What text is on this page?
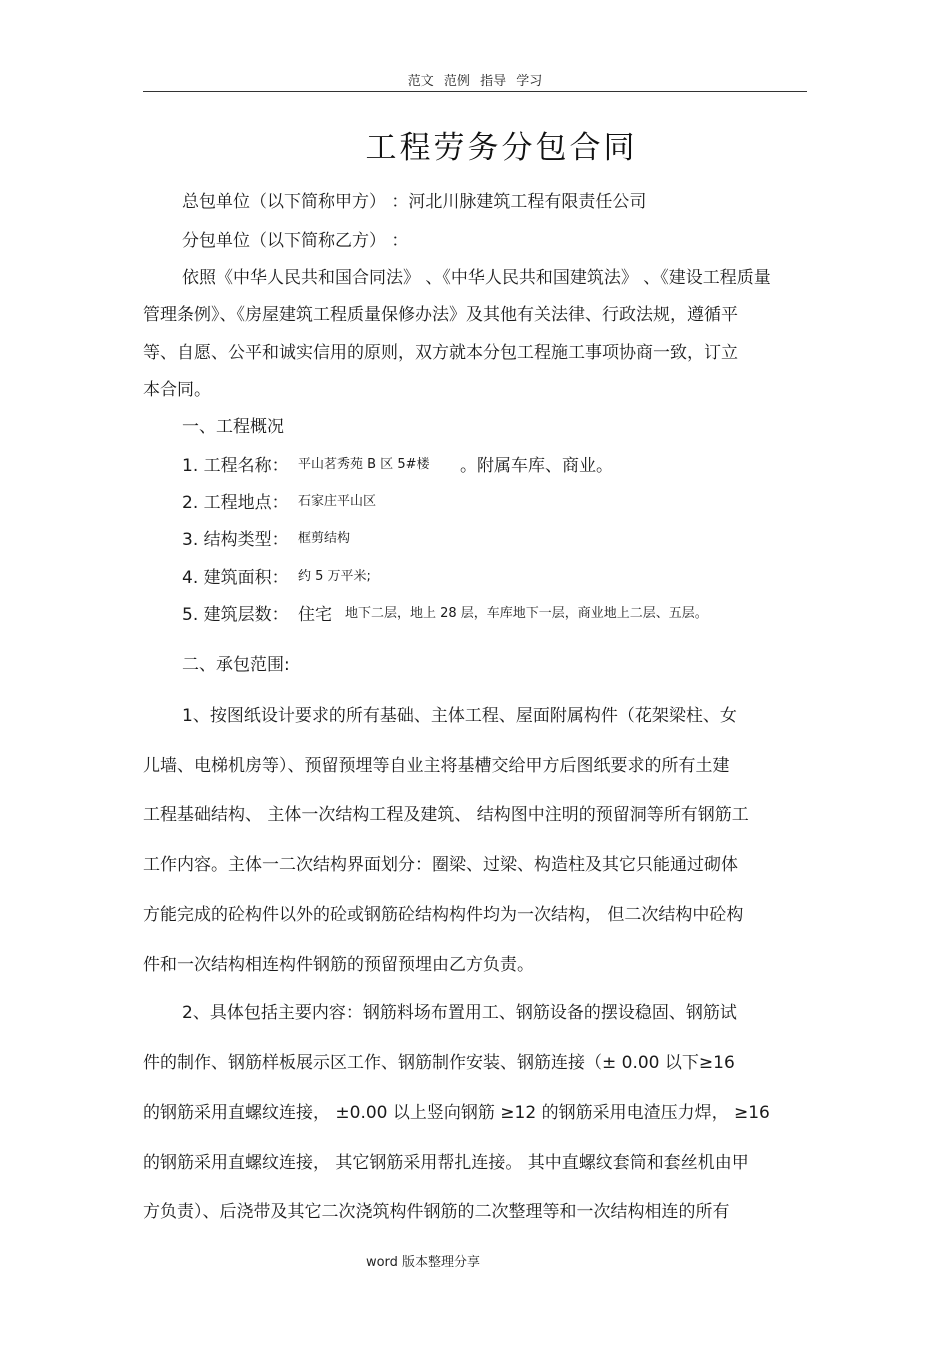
范文 范例 指导 学习
工程劳务分包合同
总包单位（以下简称甲方） ：河北川脉建筑工程有限责任公司
分包单位（以下简称乙方） ：
依照《中华人民共和国合同法》 、《中华人民共和国建筑法》 、《建设工程质量
管理条例》、《房屋建筑工程质量保修办法》及其他有关法律、行政法规，遵循平
等、自愿、公平和诚实信用的原则，双方就本分包工程施工事项协商一致，订立
本合同。
一、工程概况
1. 工程名称： 平山茗秀苑 B 区 5#楼 。附属车库、商业。
2. 工程地点： 石家庄平山区
3. 结构类型： 框剪结构
4. 建筑面积： 约 5 万平米;
5. 建筑层数： 住宅 地下二层，地上 28 层，车库地下一层，商业地上二层、五层。
二、承包范围:
1、按图纸设计要求的所有基础、主体工程、屋面附属构件（花架梁柱、女
儿墙、电梯机房等）、预留预埋等自业主将基槽交给甲方后图纸要求的所有土建
工程基础结构、 主体一次结构工程及建筑、 结构图中注明的预留洞等所有钢筋工
工作内容。主体一二次结构界面划分：圈梁、过梁、构造柱及其它只能通过砌体
方能完成的砼构件以外的砼或钢筋砼结构构件均为一次结构， 但二次结构中砼构
件和一次结构相连构件钢筋的预留预埋由乙方负责。
2、具体包括主要内容：钢筋料场布置用工、钢筋设备的摆设稳固、钢筋试
件的制作、钢筋样板展示区工作、钢筋制作安装、钢筋连接（± 0.00 以下≥16
的钢筋采用直螺纹连接， ±0.00 以上竖向钢筋 ≥12 的钢筋采用电渣压力焊， ≥16
的钢筋采用直螺纹连接， 其它钢筋采用帮扎连接。 其中直螺纹套筒和套丝机由甲
方负责）、后浇带及其它二次浇筑构件钢筋的二次整理等和一次结构相连的所有
word 版本整理分享
